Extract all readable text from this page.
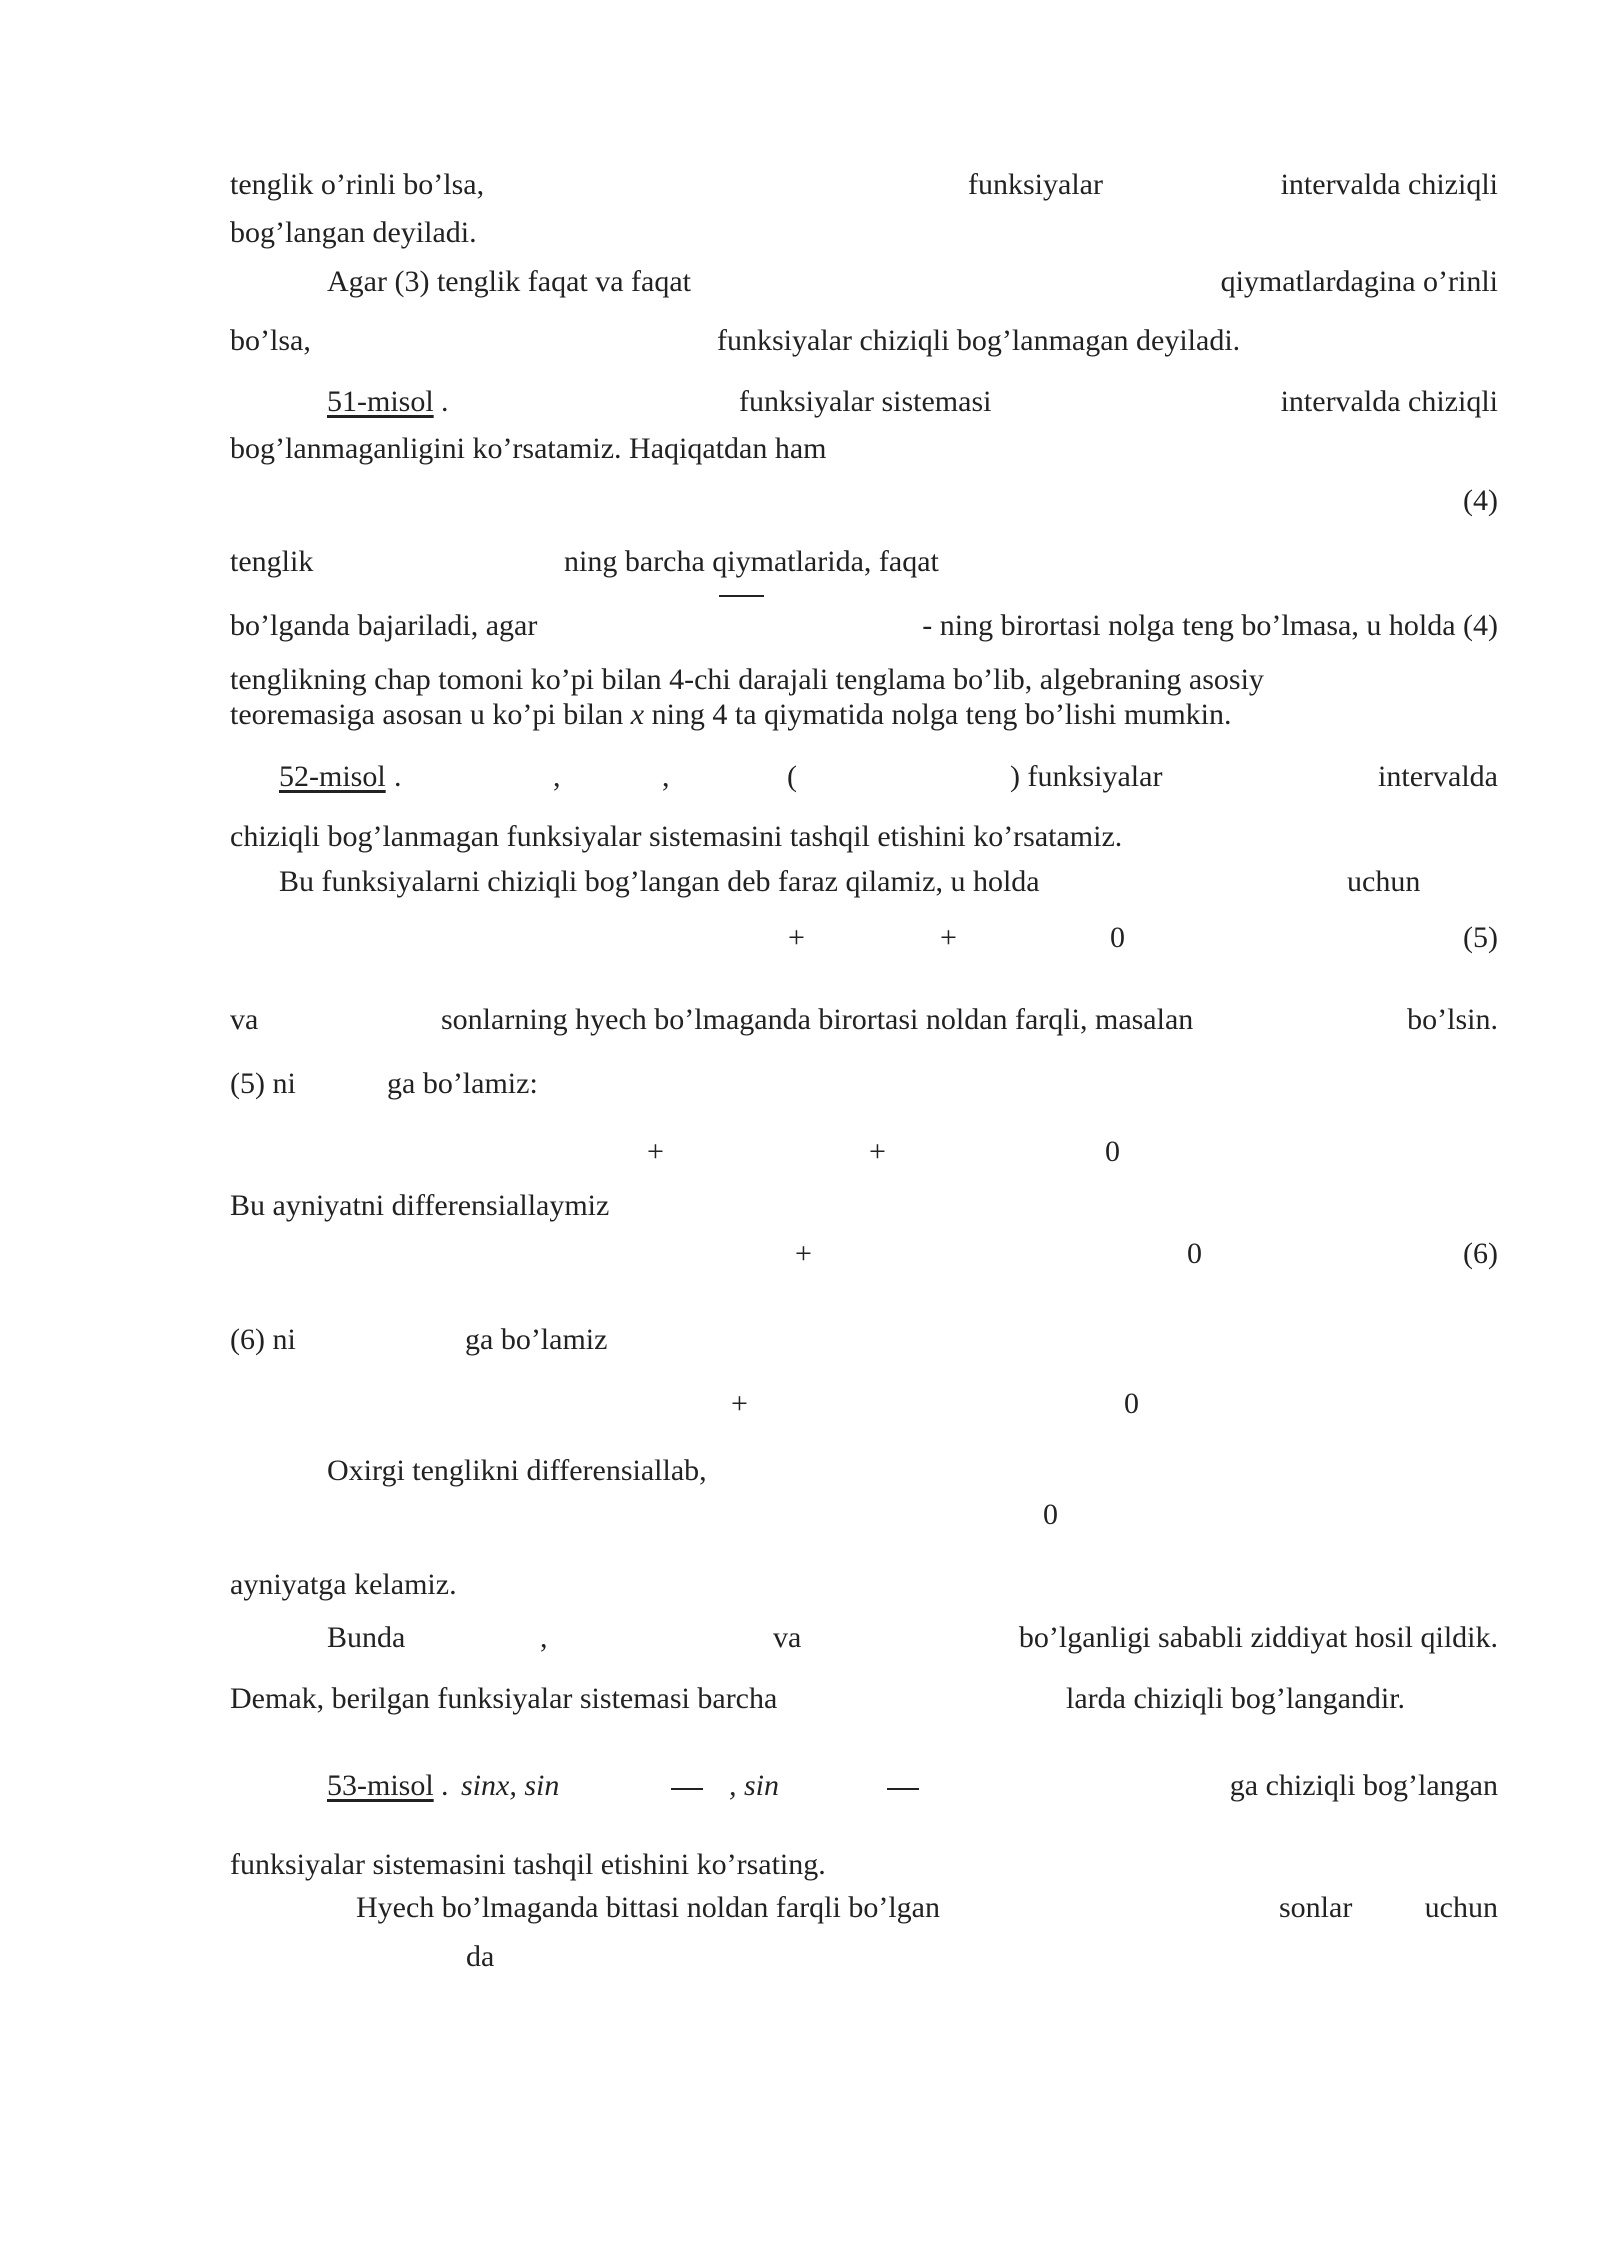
tenglik o’rinli bo’lsa,	funksiyalar	intervalda chiziqli
bog’langan deyiladi.
Agar (3) tenglik faqat va faqat	qiymatlardagina o’rinli
bo’lsa,	funksiyalar chiziqli bog’lanmagan deyiladi.
51-misol .	funksiyalar sistemasi	intervalda chiziqli
bog’lanmaganligini ko’rsatamiz. Haqiqatdan ham
(4)
tenglik	ning barcha qiymatlarida, faqat
bo’lganda bajariladi, agar	- ning birortasi nolga teng bo’lmasa, u holda (4)
tenglikning chap tomoni ko’pi bilan 4-chi darajali tenglama bo’lib, algebraning asosiy
teoremasiga asosan u ko’pi bilan x ning 4 ta qiymatida nolga teng bo’lishi mumkin.
52-misol .	,	,	(	) funksiyalar	intervalda
chiziqli bog’lanmagan funksiyalar sistemasini tashqil etishini ko’rsatamiz.
Bu funksiyalarni chiziqli bog’langan deb faraz qilamiz, u holda	uchun
+	+	0	(5)
va	sonlarning hyech bo’lmaganda birortasi noldan farqli, masalan	bo’lsin.
(5) ni	ga bo’lamiz:
+	+	0
Bu ayniyatni differensiallaymiz
+	0	(6)
(6) ni	ga bo’lamiz
+	0
Oxirgi tenglikni differensiallab,
0
ayniyatga kelamiz.
Bunda	,	va	bo’lganligi sababli ziddiyat hosil qildik.
Demak, berilgan funksiyalar sistemasi barcha	larda chiziqli bog’langandir.
53-misol . sinx, sin	, sin	ga chiziqli bog’langan
funksiyalar sistemasini tashqil etishini ko’rsating.
Hyech bo’lmaganda bittasi noldan farqli bo’lgan	sonlar uchun
da
